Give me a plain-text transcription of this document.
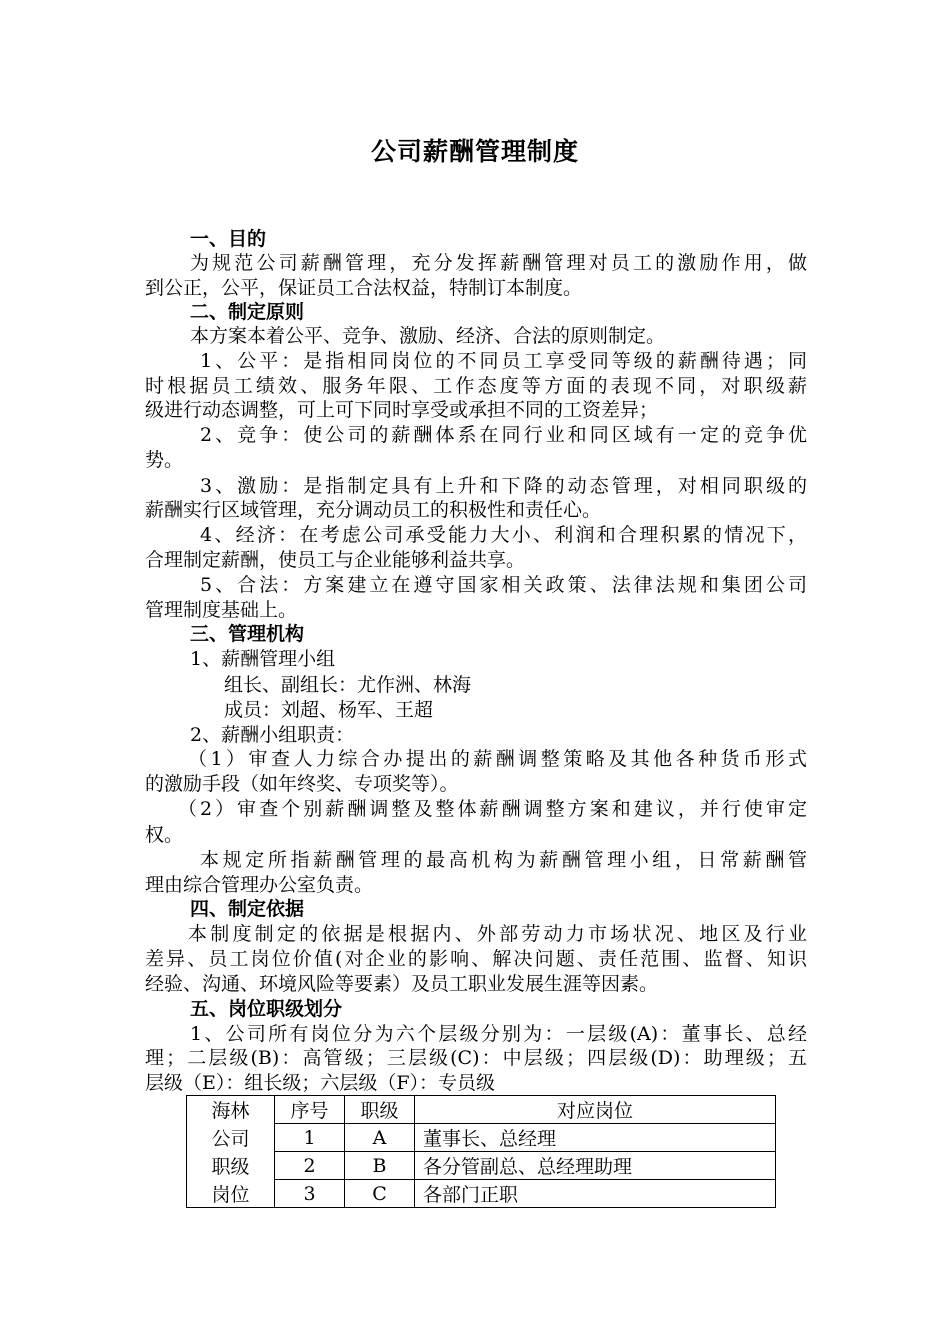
公司薪酬管理制度
一、目的
为规范公司薪酬管理，充分发挥薪酬管理对员工的激励作用，做
到公正，公平，保证员工合法权益，特制订本制度。
二、制定原则
本方案本着公平、竞争、激励、经济、合法的原则制定。
1、公平：是指相同岗位的不同员工享受同等级的薪酬待遇；同
时根据员工绩效、服务年限、工作态度等方面的表现不同，对职级薪
级进行动态调整，可上可下同时享受或承担不同的工资差异；
2、竞争：使公司的薪酬体系在同行业和同区域有一定的竞争优
势。
3、激励：是指制定具有上升和下降的动态管理，对相同职级的
薪酬实行区域管理，充分调动员工的积极性和责任心。
4、经济：在考虑公司承受能力大小、利润和合理积累的情况下，
合理制定薪酬，使员工与企业能够利益共享。
5、合法：方案建立在遵守国家相关政策、法律法规和集团公司
管理制度基础上。
三、管理机构
1、薪酬管理小组
组长、副组长：尤作洲、林海
成员：刘超、杨军、王超
2、薪酬小组职责：
（1）审查人力综合办提出的薪酬调整策略及其他各种货币形式
的激励手段（如年终奖、专项奖等）。
（2）审查个别薪酬调整及整体薪酬调整方案和建议，并行使审定
权。
本规定所指薪酬管理的最高机构为薪酬管理小组，日常薪酬管
理由综合管理办公室负责。
四、制定依据
本制度制定的依据是根据内、外部劳动力市场状况、地区及行业
差异、员工岗位价值(对企业的影响、解决问题、责任范围、监督、知识
经验、沟通、环境风险等要素）及员工职业发展生涯等因素。
五、岗位职级划分
1、公司所有岗位分为六个层级分别为：一层级(A)：董事长、总经
理；二层级(B)：高管级；三层级(C)：中层级；四层级(D)：助理级；五
层级（E）：组长级；六层级（F）：专员级
海林	序号	职级	对应岗位
公司	1	A	董事长、总经理
职级	2	B	各分管副总、总经理助理
岗位	3	C	各部门正职
